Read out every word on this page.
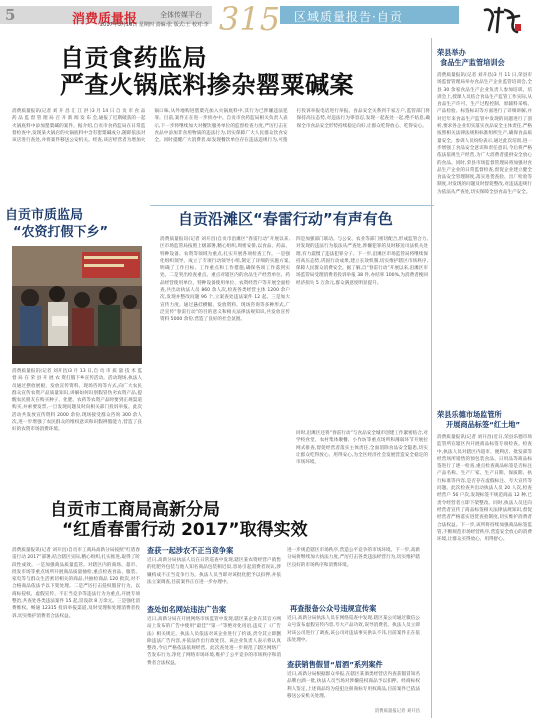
5	消费质量报	全体传媒平台
2017年3月16日 星期四 责编:张 版式:王 校对:李 315 区域质量报告·自贡
自贡食药监局
严查火锅底料掺杂罂粟碱案
消费质量报讯(记者 刘 开 昌 汇 江 洪 )3 月 14 日 自 贡 市 食 品 药 品 监 督 管 理 局 召 开 新 闻 发 布 会,通报了近期破获的一起火锅底料中添加罂粟碱的案件。据介绍,自贡市食药监局在日常监督检查中,发现某火锅店的火锅底料中含有罂粟碱成分,随即依法对该店进行查处,并将案件移送公安机关。经查,该店经营者为增加火锅口味,从外地购进罂粟壳加入火锅底料中,其行为已涉嫌违法犯罪。目前,案件正在进一步侦办中。自贡市食药监局相关负责人表示,下一步将继续加大对餐饮服务单位的监督检查力度,严厉打击在食品中添加非食用物质的违法行为,切实保障广大人民群众饮食安全。同时提醒广大消费者,如发现餐饮单位存在违法违规行为,可拨打投诉举报电话进行举报。食品安全关系到千家万户,监管部门将保持高压态势,对违法行为零容忍,发现一起查处一起,绝不姑息,确保全市食品安全形势持续稳定向好,让群众吃得放心、吃得安心。
自贡市质监局
“农资打假下乡”
消费质量报讯(记者 刘开昌)3 月 13 日,自 贡 市 质 量 技 术 监 督 局 在 荣 县 开 展 农 资打假下乡宣传活动。活动现场,执法人员通过摆放展板、发放宣传资料、现场咨询等方式,向广大农民群众宣传农资产品质量知识,讲解如何识别假冒伪劣农资产品,提醒农民朋友在购买种子、化肥、农药等农资产品时要到正规渠道购买,并索要发票,一旦发现问题及时向相关部门投诉举报。此次活动共发放宣传资料 2000 余份,现场接受群众咨询 300 余人次,进一步增强了农民群众的维权意识和识假辨假能力,营造了良好的农资市场消费环境。
自贡沿滩区“春雷行动”有声有色
消费质量报讯(记者 刘开昌)自贡市沿滩区“春雷行动”开展以来,区市场监管局按照上级部署,精心组织,周密安排,以食品、药品、特种设备、农资等领域为重点,扎实开展各项检查工作。一是强化组织领导。成立了专项行动领导小组,制定了详细的实施方案,明确了工作目标、工作重点和工作措施,确保各项工作落到实处。二是突出检查重点。重点对辖区内的食品生产经营单位、药品经营使用单位、特种设备使用单位、农资经营户等开展全面检查,共出动执法人员 860 余人次,检查各类经营主体 1200 余户次,发现并整改问题 96 个,立案查处违法案件 12 起。三是加大宣传力度。通过悬挂横幅、发放资料、现场咨询等多种形式,广泛宣传“春雷行动”的目的意义和相关法律法规知识,共发放宣传资料 5000 余份,营造了良好的社会氛围。
四是加强部门联动。与公安、农业等部门密切配合,形成监管合力,对发现的违法行为依法从严查处,涉嫌犯罪的及时移送司法机关处理,有力震慑了违法犯罪分子。下一步,沿滩区市场监管局将继续保持高压态势,巩固行动成果,建立长效机制,切实维护辖区市场秩序,保障人民群众消费安全。据了解,自“春雷行动”开展以来,沿滩区市场监管局受理消费者投诉举报 38 件,办结率 100%,为消费者挽回经济损失 5 万余元,群众满意度明显提升。
同时,沿滩区还将“春雷行动”与食品安全城市创建工作紧密结合,对学校食堂、农村集体聚餐、小作坊等重点场所和薄弱环节开展拉网式排查,督促经营者落实主体责任,全面消除食品安全隐患,切实让群众吃得放心、用得安心,为全区经济社会发展营造安全稳定的市场环境。
自贡市工商局高新分局
“红盾春雷行动 2017”取得实效
消费质量报讯(记者 刘开昌)自贡市工商局高新分局按照“红盾春雷行动 2017”部署,结合辖区实际,精心组织,扎实推进,取得了阶段性成效。一是加强商品质量监管。对辖区内的商场、超市、批发市场等重点场所开展商品质量抽检,重点检查食品、服装、家电等与群众生活密切相关的商品,共抽检商品 120 批次,对不合格商品依法予以下架处理。二是严厉打击侵权假冒行为。以商标侵权、虚假宣传、不正当竞争等违法行为为重点,开展专项整治,共查处各类违法案件 15 起,罚没款 8 万余元。三是强化消费维权。畅通 12315 投诉举报渠道,及时受理和处理消费者投诉,切实维护消费者合法权益。
查获一起涉农不正当竞争案
近日,高新分局执法人员在日常巡查中发现,辖区某农资经营户销售的化肥外包装与他人知名商品包装相近似,容易引起消费者误认,涉嫌构成不正当竞争行为。执法人员当即对该批化肥予以扣押,并依法立案调查,目前案件正在进一步办理中。
查处如名网站违法广告案
近日,高新分局在开展网络市场监管中发现,辖区某企业在其官方网站上发布的广告中使用“最佳”“第一”等绝对化用语,违反了《广告法》相关规定。执法人员依法对该企业进行了约谈,责令其立即删除违法广告内容,并依法作出行政处罚。该企业负责人表示将认真整改,今后严格依法依规经营。此次查处进一步规范了辖区网络广告发布行为,净化了网络市场环境,维护了公平竞争的市场秩序和消费者合法权益。
进一步规范辖区市场秩序,营造公平竞争的市场环境。下一步,高新分局将继续加大执法力度,严厉打击各类违法经营行为,切实维护辖区良好的市场秩序和消费环境。
再查报备公众号违规宣传案
近日,高新分局执法人员在网络巡查中发现,辖区某公司通过微信公众号发布虚假宣传内容,夸大产品功效,误导消费者。执法人员立即对该公司进行了调查,该公司对违法事实供认不讳,目前案件正在依法处理中。
查获销售假冒“眉酒”系列案件
近日,高新分局根据群众举报,在辖区某酒类经营店内查获假冒知名品牌白酒一批,执法人员当场对涉嫌侵权商品予以扣押。经商标权利人鉴定,上述商品均为侵犯注册商标专用权商品,目前案件已依法移送公安机关处理。
消费质量报记者 刘开昌
荣县举办
食品生产监管培训会
消费质量报讯(记者 刘开昌)3 月 11 日,荣县市场监督管理局举办食品生产企业监管培训会,全县 30 余家食品生产企业负责人参加培训。培训会上,授课人员结合食品生产监管工作实际,从食品生产许可、生产过程控制、原辅料采购、产品检验、标签标识等方面进行了详细讲解,并对近年来食品生产监管中发现的问题进行了剖析,要求各企业切实落实食品安全主体责任,严格按照相关法律法规和标准组织生产,确保食品质量安全。参训人员纷纷表示,通过此次培训,进一步增强了食品安全意识和责任意识,今后将严格依法依规生产经营,为广大消费者提供安全放心的食品。同时,荣县市场监督管理局将加强对食品生产企业的日常监督检查,督促企业建立健全食品安全管理制度,落实进货查验、出厂检验等制度,对发现的问题及时督促整改,对违法违规行为依法从严查处,切实保障全县食品生产安全。
荣县乐德市场监管所
开展商品标签“红土地”
消费质量报讯(记者 刘开昌)近日,荣县乐德市场监管所在辖区内开展商品标签专项检查。检查中,执法人员对辖区内超市、便利店、批发部等经营场所销售的预包装食品、日用品等商品标签进行了逐一检查,重点检查商品标签是否标注产品名称、生产厂家、生产日期、保质期、执行标准等内容,是否存在虚假标注、夸大宣传等问题。此次检查共出动执法人员 20 人次,检查经营户 56 户次,发现标签不规范商品 12 种,已责令经营者立即下架整改。同时,执法人员还向经营者宣传了商品标签相关法律法规知识,督促经营者严格落实进货查验制度,切实维护消费者合法权益。下一步,该所将持续加强商品标签监管,不断规范市场经营秩序,营造安全放心的消费环境,让群众买得放心、用得舒心。
